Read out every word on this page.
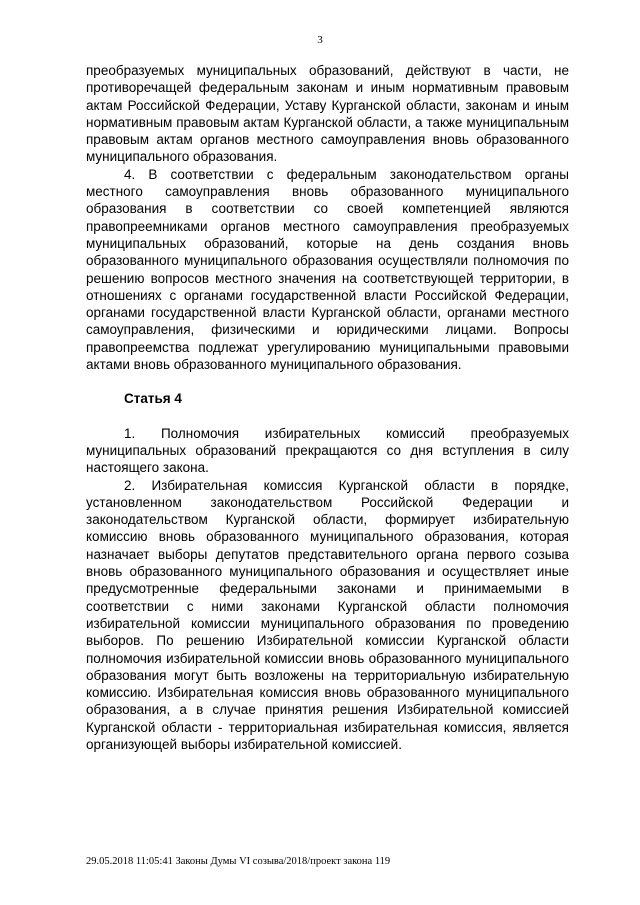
3

преобразуемых муниципальных образований, действуют в части, не противоречащей федеральным законам и иным нормативным правовым актам Российской Федерации, Уставу Курганской области, законам и иным нормативным правовым актам Курганской области, а также муниципальным правовым актам органов местного самоуправления вновь образованного муниципального образования.

4. В соответствии с федеральным законодательством органы местного самоуправления вновь образованного муниципального образования в соответствии со своей компетенцией являются правопреемниками органов местного самоуправления преобразуемых муниципальных образований, которые на день создания вновь образованного муниципального образования осуществляли полномочия по решению вопросов местного значения на соответствующей территории, в отношениях с органами государственной власти Российской Федерации, органами государственной власти Курганской области, органами местного самоуправления, физическими и юридическими лицами. Вопросы правопреемства подлежат урегулированию муниципальными правовыми актами вновь образованного муниципального образования.

Статья 4

1. Полномочия избирательных комиссий преобразуемых муниципальных образований прекращаются со дня вступления в силу настоящего закона.

2. Избирательная комиссия Курганской области в порядке, установленном законодательством Российской Федерации и законодательством Курганской области, формирует избирательную комиссию вновь образованного муниципального образования, которая назначает выборы депутатов представительного органа первого созыва вновь образованного муниципального образования и осуществляет иные предусмотренные федеральными законами и принимаемыми в соответствии с ними законами Курганской области полномочия избирательной комиссии муниципального образования по проведению выборов. По решению Избирательной комиссии Курганской области полномочия избирательной комиссии вновь образованного муниципального образования могут быть возложены на территориальную избирательную комиссию. Избирательная комиссия вновь образованного муниципального образования, а в случае принятия решения Избирательной комиссией Курганской области - территориальная избирательная комиссия, является организующей выборы избирательной комиссией.

29.05.2018 11:05:41 Законы Думы VI созыва/2018/проект закона 119
